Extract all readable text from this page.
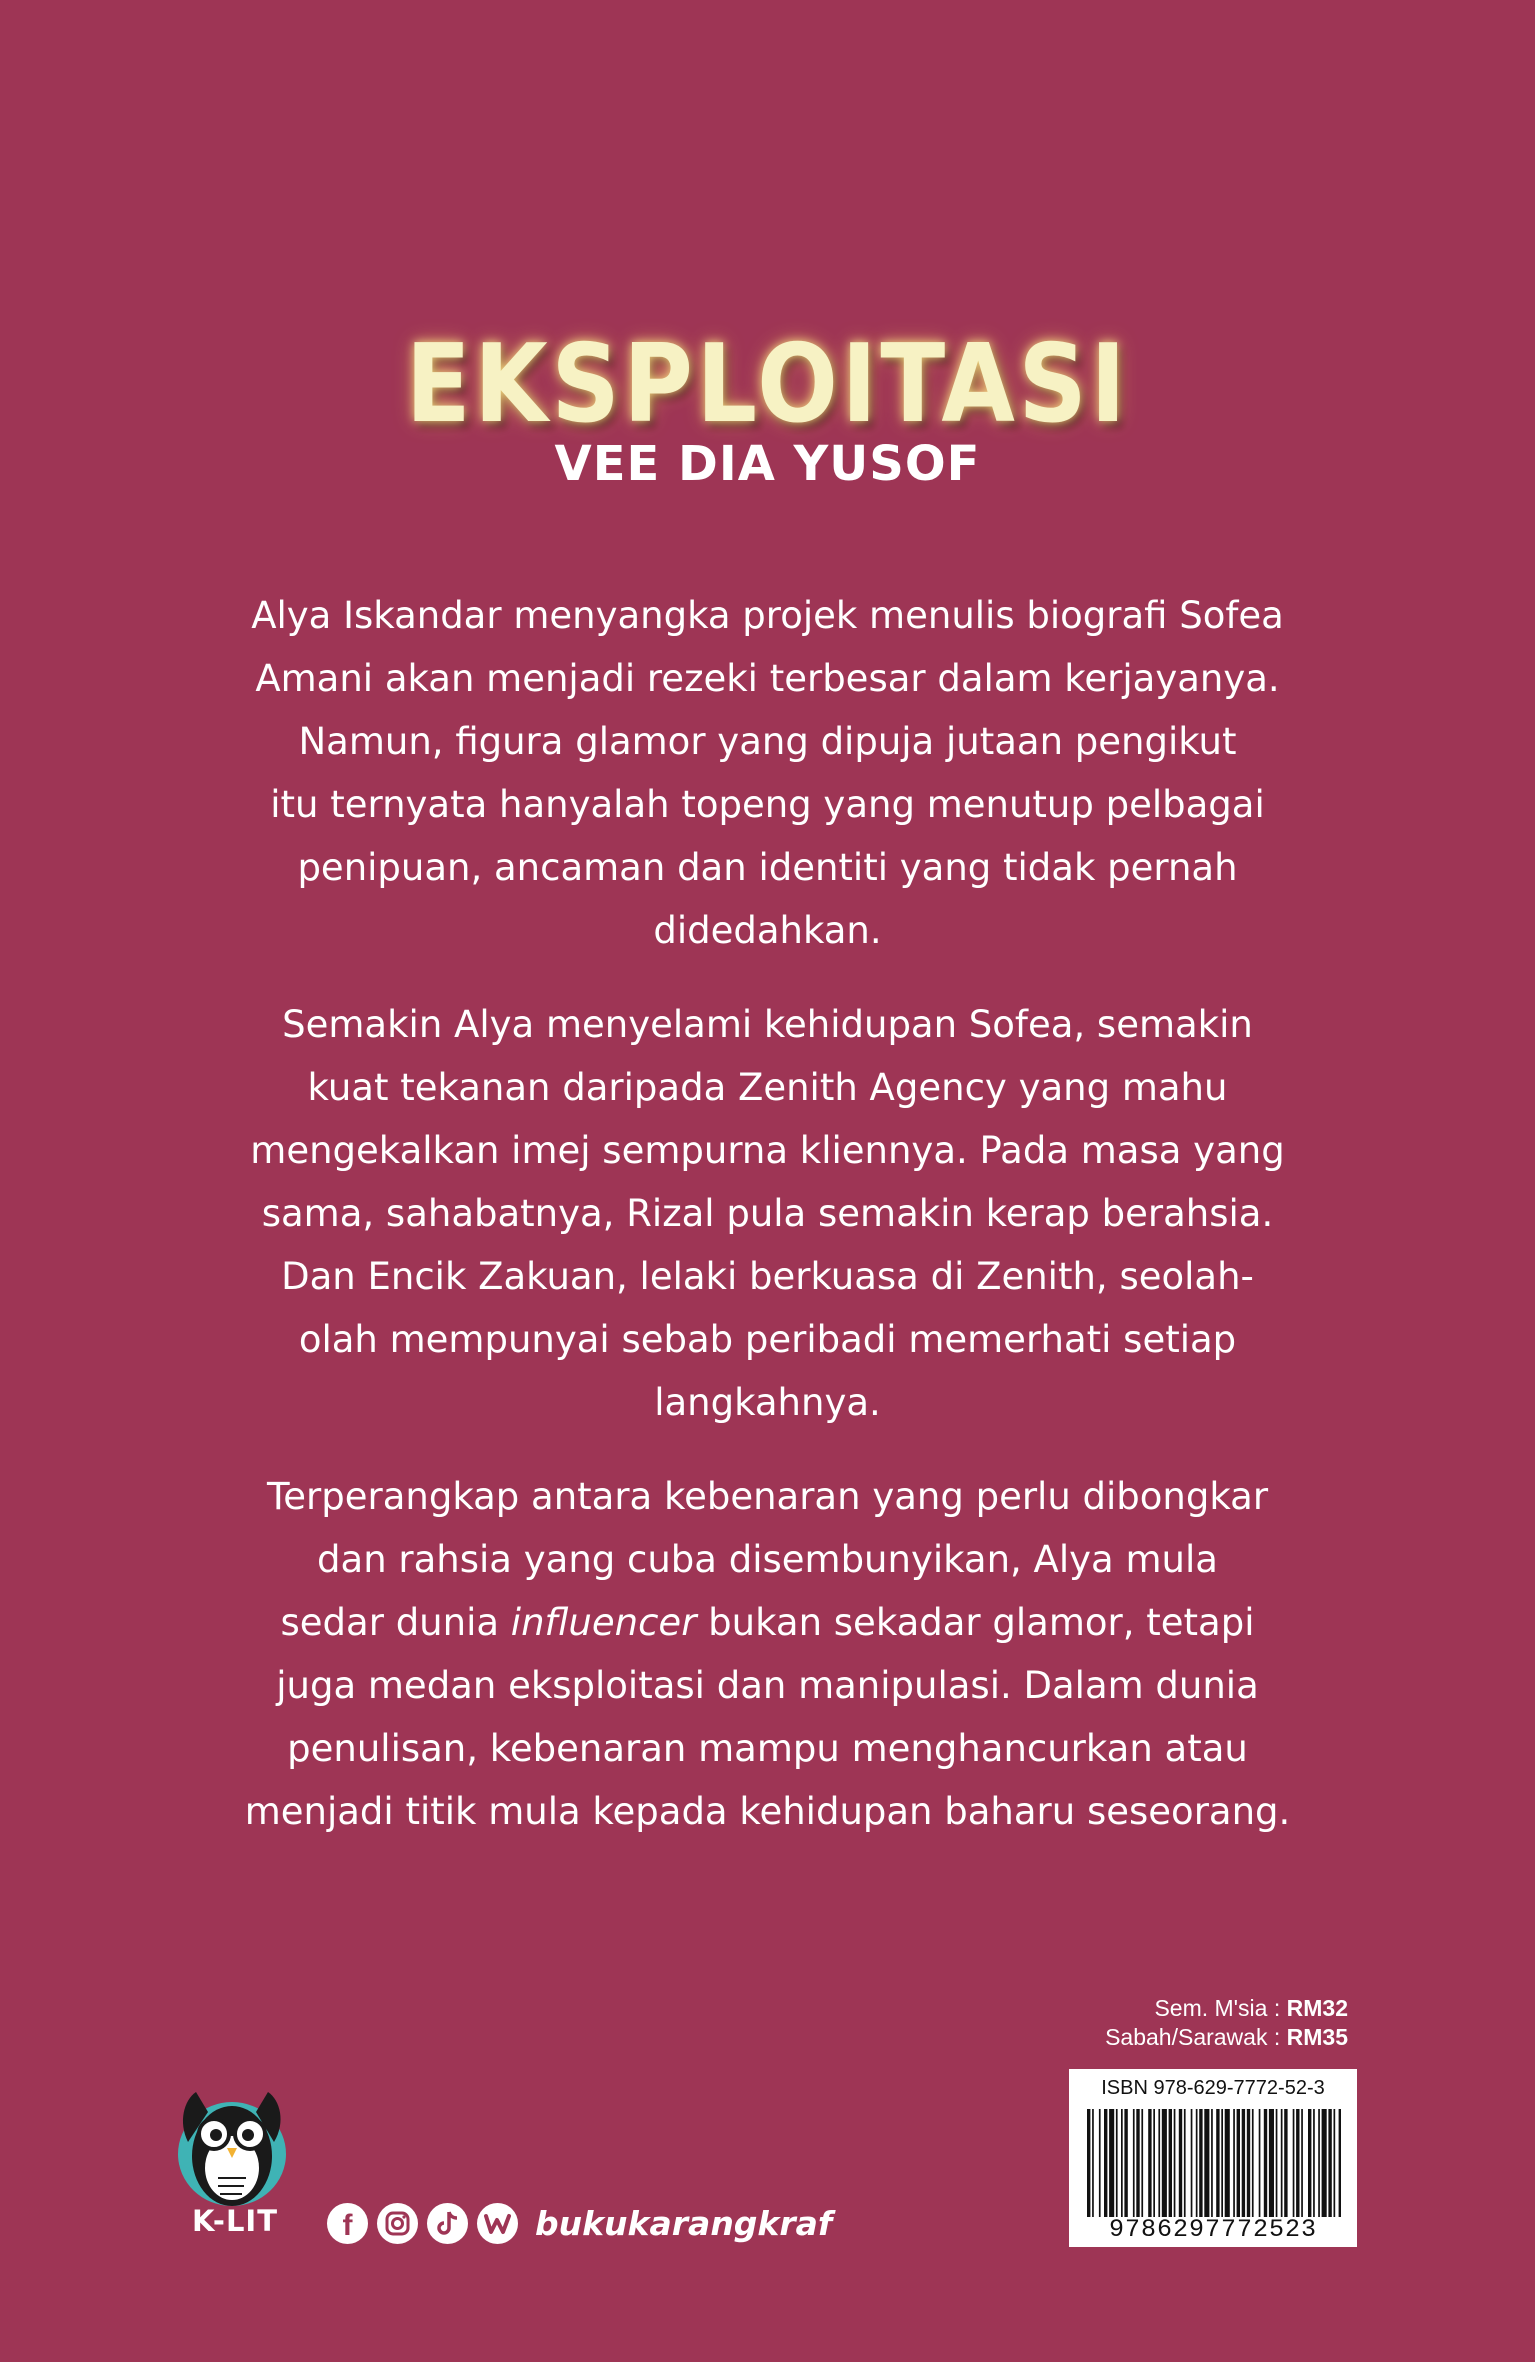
EKSPLOITASI
VEE DIA YUSOF

Alya Iskandar menyangka projek menulis biografi Sofea
Amani akan menjadi rezeki terbesar dalam kerjayanya.
Namun, figura glamor yang dipuja jutaan pengikut
itu ternyata hanyalah topeng yang menutup pelbagai
penipuan, ancaman dan identiti yang tidak pernah
didedahkan.

Semakin Alya menyelami kehidupan Sofea, semakin
kuat tekanan daripada Zenith Agency yang mahu
mengekalkan imej sempurna kliennya. Pada masa yang
sama, sahabatnya, Rizal pula semakin kerap berahsia.
Dan Encik Zakuan, lelaki berkuasa di Zenith, seolah-
olah mempunyai sebab peribadi memerhati setiap
langkahnya.

Terperangkap antara kebenaran yang perlu dibongkar
dan rahsia yang cuba disembunyikan, Alya mula
sedar dunia influencer bukan sekadar glamor, tetapi
juga medan eksploitasi dan manipulasi. Dalam dunia
penulisan, kebenaran mampu menghancurkan atau
menjadi titik mula kepada kehidupan baharu seseorang.

Sem. M'sia : RM32
Sabah/Sarawak : RM35
ISBN 978-629-7772-52-3
9786297772523
K-LIT	f	bukukarangkraf
